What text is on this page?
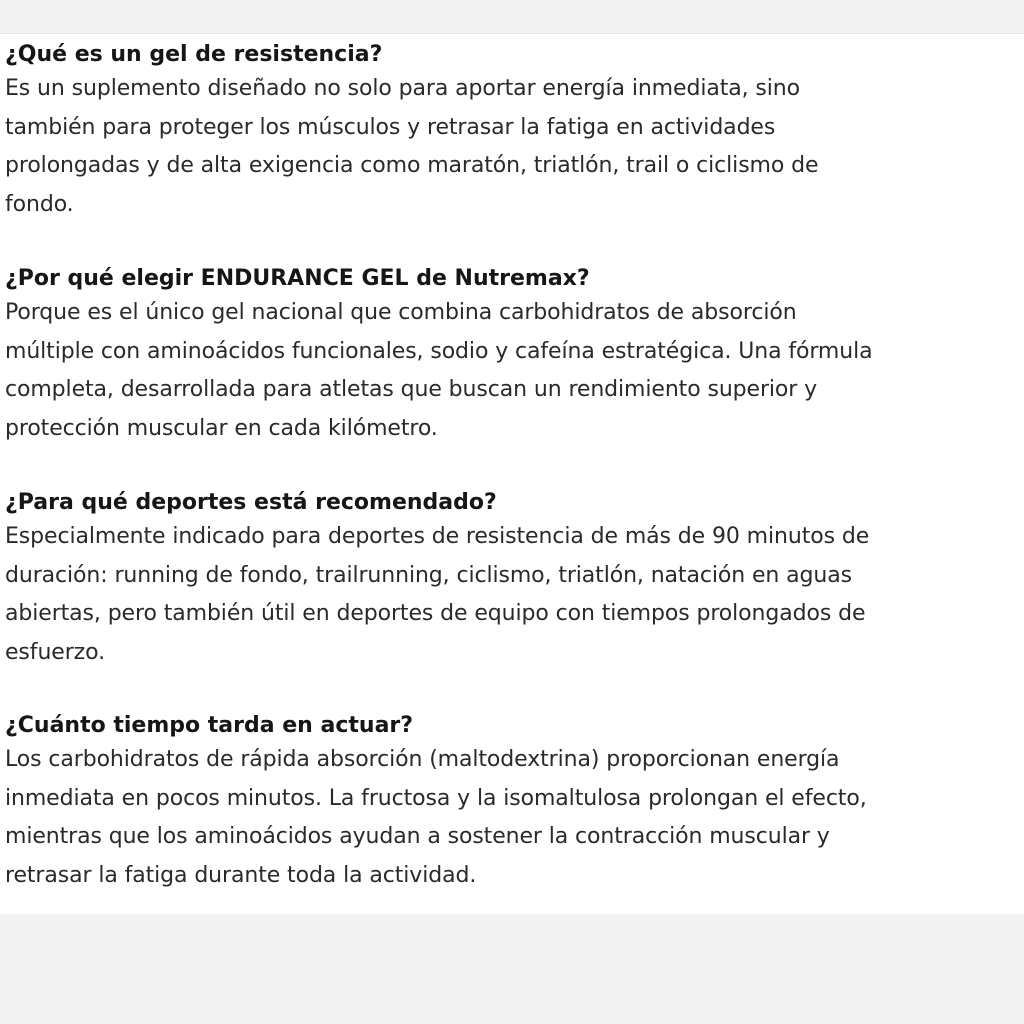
¿Qué es un gel de resistencia?

Es un suplemento diseñado no solo para aportar energía inmediata, sino
también para proteger los músculos y retrasar la fatiga en actividades
prolongadas y de alta exigencia como maratón, triatlón, trail o ciclismo de
fondo.

¿Por qué elegir ENDURANCE GEL de Nutremax?

Porque es el único gel nacional que combina carbohidratos de absorción
múltiple con aminoácidos funcionales, sodio y cafeína estratégica. Una fórmula
completa, desarrollada para atletas que buscan un rendimiento superior y
protección muscular en cada kilómetro.

¿Para qué deportes está recomendado?

Especialmente indicado para deportes de resistencia de más de 90 minutos de
duración: running de fondo, trailrunning, ciclismo, triatlón, natación en aguas
abiertas, pero también útil en deportes de equipo con tiempos prolongados de
esfuerzo.

¿Cuánto tiempo tarda en actuar?

Los carbohidratos de rápida absorción (maltodextrina) proporcionan energía
inmediata en pocos minutos. La fructosa y la isomaltulosa prolongan el efecto,
mientras que los aminoácidos ayudan a sostener la contracción muscular y
retrasar la fatiga durante toda la actividad.
